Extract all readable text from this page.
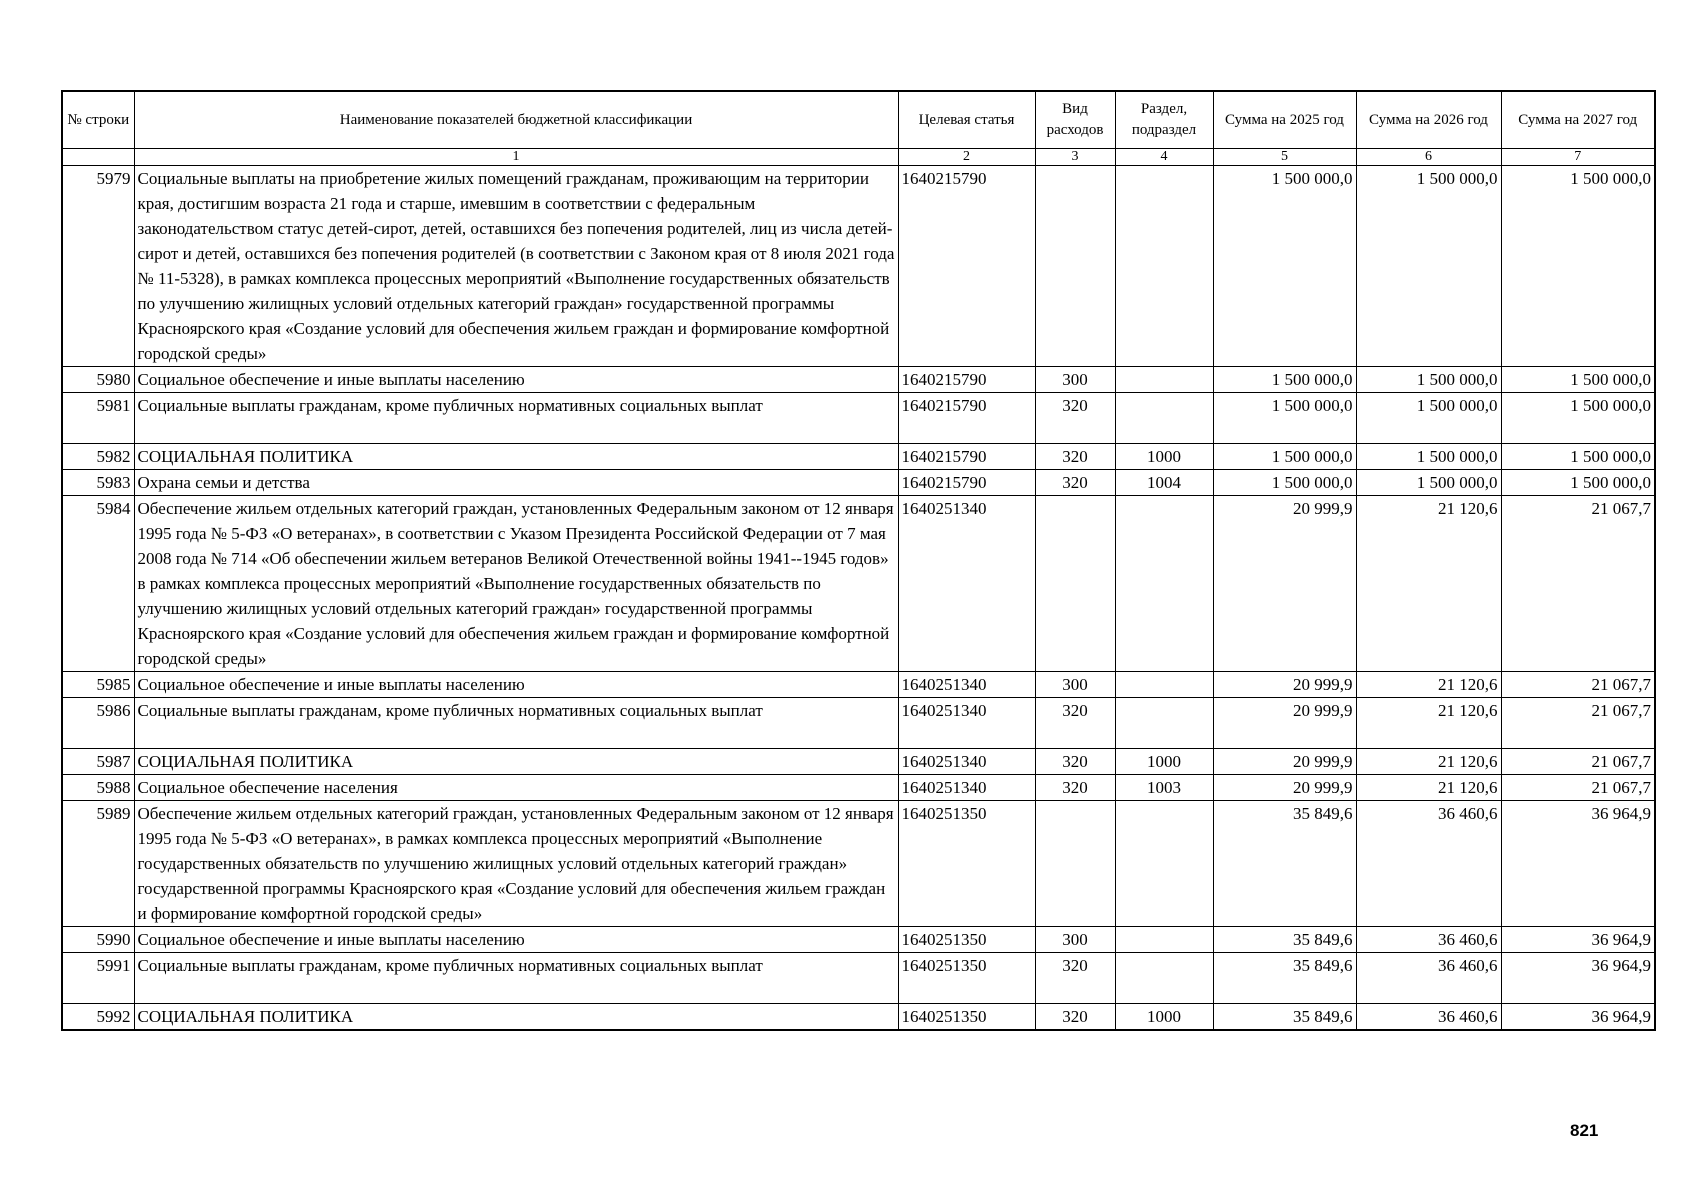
№ строки	Наименование показателей бюджетной классификации	Целевая статья	Вид расходов	Раздел, подраздел	Сумма на 2025 год	Сумма на 2026 год	Сумма на 2027 год
	1	2	3	4	5	6	7
5979	Социальные выплаты на приобретение жилых помещений гражданам, проживающим на территории края, достигшим возраста 21 года и старше, имевшим в соответствии с федеральным законодательством статус детей-сирот, детей, оставшихся без попечения родителей, лиц из числа детей-сирот и детей, оставшихся без попечения родителей (в соответствии с Законом края от 8 июля 2021 года № 11-5328), в рамках комплекса процессных мероприятий «Выполнение государственных обязательств по улучшению жилищных условий отдельных категорий граждан» государственной программы Красноярского края «Создание условий для обеспечения жильем граждан и формирование комфортной городской среды»	1640215790			1 500 000,0	1 500 000,0	1 500 000,0
5980	Социальное обеспечение и иные выплаты населению	1640215790	300		1 500 000,0	1 500 000,0	1 500 000,0
5981	Социальные выплаты гражданам, кроме публичных нормативных социальных выплат	1640215790	320		1 500 000,0	1 500 000,0	1 500 000,0
5982	СОЦИАЛЬНАЯ ПОЛИТИКА	1640215790	320	1000	1 500 000,0	1 500 000,0	1 500 000,0
5983	Охрана семьи и детства	1640215790	320	1004	1 500 000,0	1 500 000,0	1 500 000,0
5984	Обеспечение жильем отдельных категорий граждан, установленных Федеральным законом от 12 января 1995 года № 5-ФЗ «О ветеранах», в соответствии с Указом Президента Российской Федерации от 7 мая 2008 года № 714 «Об обеспечении жильем ветеранов Великой Отечественной войны 1941--1945 годов» в рамках комплекса процессных мероприятий «Выполнение государственных обязательств по улучшению жилищных условий отдельных категорий граждан» государственной программы Красноярского края «Создание условий для обеспечения жильем граждан и формирование комфортной городской среды»	1640251340			20 999,9	21 120,6	21 067,7
5985	Социальное обеспечение и иные выплаты населению	1640251340	300		20 999,9	21 120,6	21 067,7
5986	Социальные выплаты гражданам, кроме публичных нормативных социальных выплат	1640251340	320		20 999,9	21 120,6	21 067,7
5987	СОЦИАЛЬНАЯ ПОЛИТИКА	1640251340	320	1000	20 999,9	21 120,6	21 067,7
5988	Социальное обеспечение населения	1640251340	320	1003	20 999,9	21 120,6	21 067,7
5989	Обеспечение жильем отдельных категорий граждан, установленных Федеральным законом от 12 января 1995 года № 5-ФЗ «О ветеранах», в рамках комплекса процессных мероприятий «Выполнение государственных обязательств по улучшению жилищных условий отдельных категорий граждан» государственной программы Красноярского края «Создание условий для обеспечения жильем граждан и формирование комфортной городской среды»	1640251350			35 849,6	36 460,6	36 964,9
5990	Социальное обеспечение и иные выплаты населению	1640251350	300		35 849,6	36 460,6	36 964,9
5991	Социальные выплаты гражданам, кроме публичных нормативных социальных выплат	1640251350	320		35 849,6	36 460,6	36 964,9
5992	СОЦИАЛЬНАЯ ПОЛИТИКА	1640251350	320	1000	35 849,6	36 460,6	36 964,9
821
